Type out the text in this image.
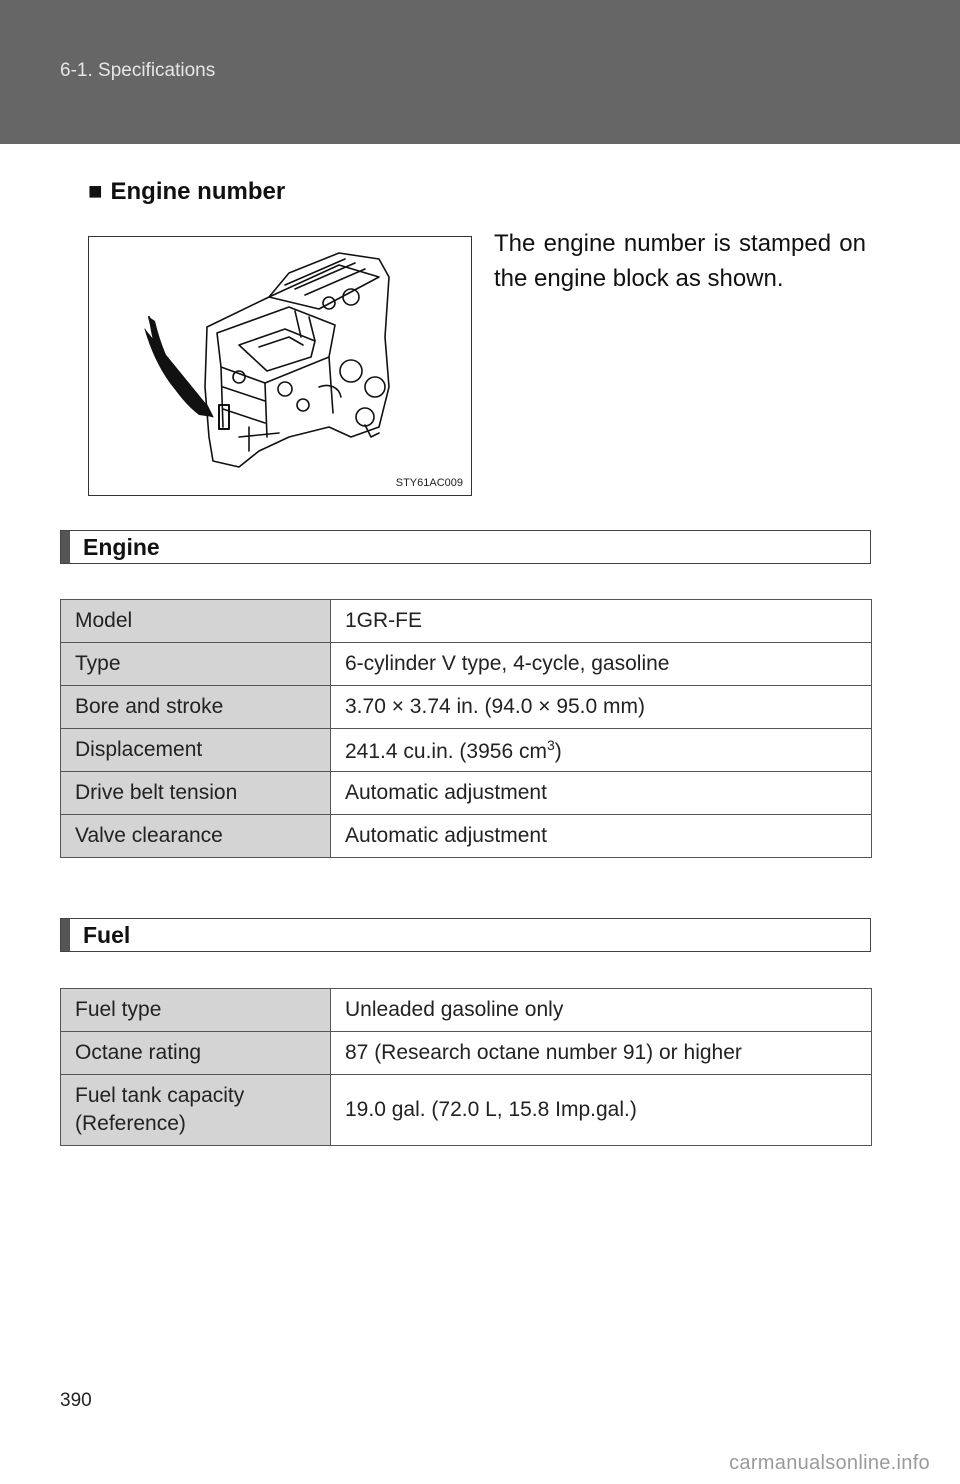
6-1. Specifications
■ Engine number
STY61AC009
The engine number is stamped on the engine block as shown.
Engine
Model	1GR-FE
Type	6-cylinder V type, 4-cycle, gasoline
Bore and stroke	3.70 × 3.74 in. (94.0 × 95.0 mm)
Displacement	241.4 cu.in. (3956 $cm^3$)
Drive belt tension	Automatic adjustment
Valve clearance	Automatic adjustment
Fuel
Fuel type	Unleaded gasoline only
Octane rating	87 (Research octane number 91) or higher
Fuel tank capacity
(Reference)	19.0 gal. (72.0 L, 15.8 Imp.gal.)
390
carmanualsonline.info
